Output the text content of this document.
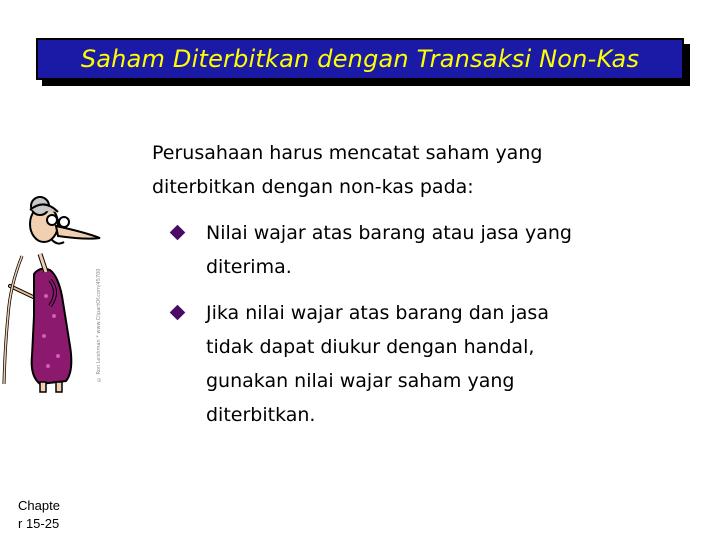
Saham Diterbitkan dengan Transaksi Non-Kas
Perusahaan harus mencatat saham yang
diterbitkan dengan non-kas pada:
Nilai wajar atas barang atau jasa yang
diterima.
Jika nilai wajar atas barang dan jasa
tidak dapat diukur dengan handal,
gunakan nilai wajar saham yang
diterbitkan.
© Ron Leishman * www.ClipartOf.com/45700
Chapte
r 15-25
